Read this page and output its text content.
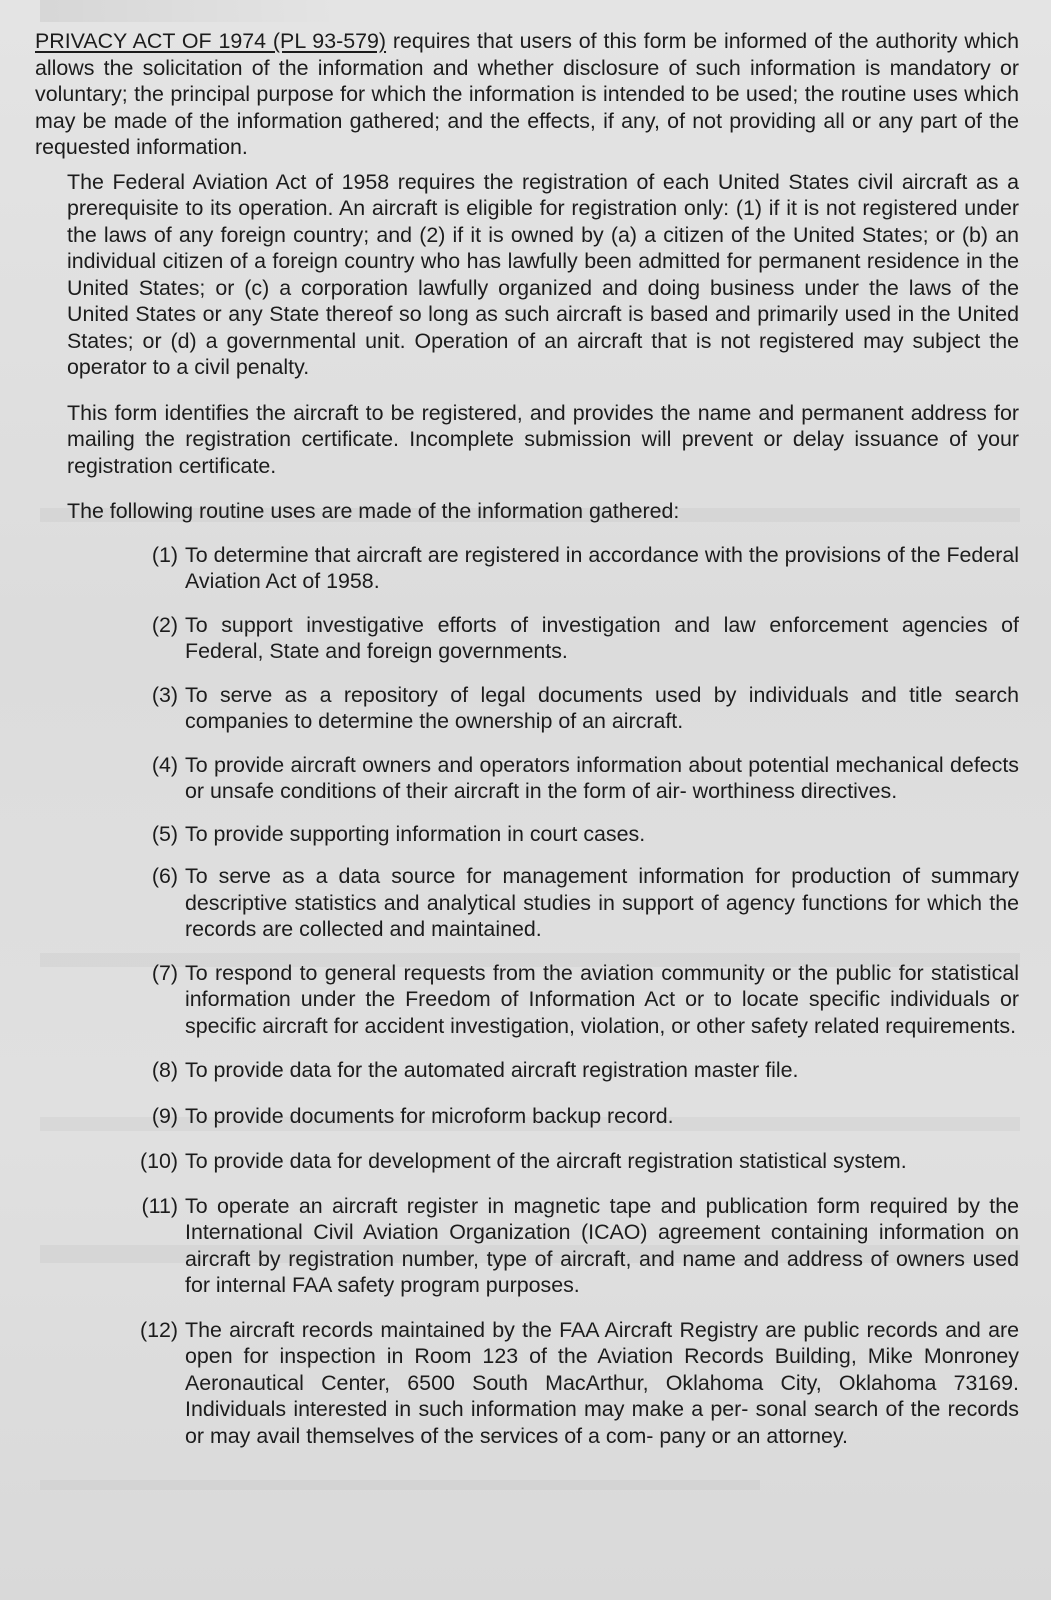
PRIVACY ACT OF 1974 (PL 93-579) requires that users of this form be informed of the authority which allows the solicitation of the information and whether disclosure of such information is mandatory or voluntary; the principal purpose for which the information is intended to be used; the routine uses which may be made of the information gathered; and the effects, if any, of not providing all or any part of the requested information.

The Federal Aviation Act of 1958 requires the registration of each United States civil aircraft as a prerequisite to its operation. An aircraft is eligible for registration only: (1) if it is not registered under the laws of any foreign country; and (2) if it is owned by (a) a citizen of the United States; or (b) an individual citizen of a foreign country who has lawfully been admitted for permanent residence in the United States; or (c) a corporation lawfully organized and doing business under the laws of the United States or any State thereof so long as such aircraft is based and primarily used in the United States; or (d) a governmental unit. Operation of an aircraft that is not registered may subject the operator to a civil penalty.

This form identifies the aircraft to be registered, and provides the name and permanent address for mailing the registration certificate. Incomplete submission will prevent or delay issuance of your registration certificate.

The following routine uses are made of the information gathered:

(1) To determine that aircraft are registered in accordance with the provisions of the Federal Aviation Act of 1958.
(2) To support investigative efforts of investigation and law enforcement agencies of Federal, State and foreign governments.
(3) To serve as a repository of legal documents used by individuals and title search companies to determine the ownership of an aircraft.
(4) To provide aircraft owners and operators information about potential mechanical defects or unsafe conditions of their aircraft in the form of air- worthiness directives.
(5) To provide supporting information in court cases.
(6) To serve as a data source for management information for production of summary descriptive statistics and analytical studies in support of agency functions for which the records are collected and maintained.
(7) To respond to general requests from the aviation community or the public for statistical information under the Freedom of Information Act or to locate specific individuals or specific aircraft for accident investigation, violation, or other safety related requirements.
(8) To provide data for the automated aircraft registration master file.
(9) To provide documents for microform backup record.
(10) To provide data for development of the aircraft registration statistical system.
(11) To operate an aircraft register in magnetic tape and publication form required by the International Civil Aviation Organization (ICAO) agreement containing information on aircraft by registration number, type of aircraft, and name and address of owners used for internal FAA safety program purposes.
(12) The aircraft records maintained by the FAA Aircraft Registry are public records and are open for inspection in Room 123 of the Aviation Records Building, Mike Monroney Aeronautical Center, 6500 South MacArthur, Oklahoma City, Oklahoma 73169. Individuals interested in such information may make a per- sonal search of the records or may avail themselves of the services of a com- pany or an attorney.
